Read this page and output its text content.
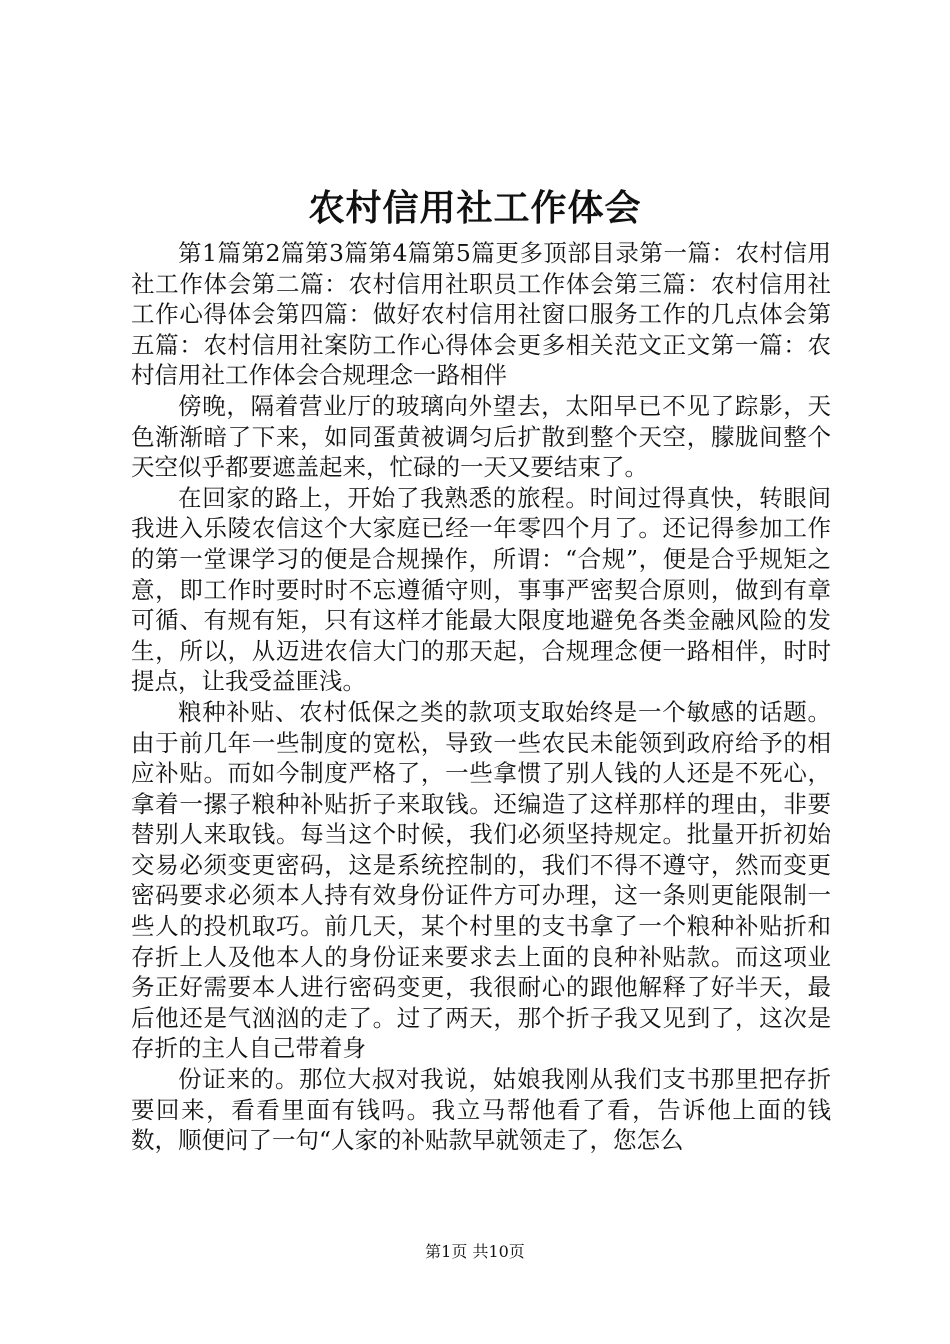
农村信用社工作体会

第1篇第2篇第3篇第4篇第5篇更多顶部目录第一篇：农村信用社工作体会第二篇：农村信用社职员工作体会第三篇：农村信用社工作心得体会第四篇：做好农村信用社窗口服务工作的几点体会第五篇：农村信用社案防工作心得体会更多相关范文正文第一篇：农村信用社工作体会合规理念一路相伴

傍晚，隔着营业厅的玻璃向外望去，太阳早已不见了踪影，天色渐渐暗了下来，如同蛋黄被调匀后扩散到整个天空，朦胧间整个天空似乎都要遮盖起来，忙碌的一天又要结束了。

在回家的路上，开始了我熟悉的旅程。时间过得真快，转眼间我进入乐陵农信这个大家庭已经一年零四个月了。还记得参加工作的第一堂课学习的便是合规操作，所谓：“合规”，便是合乎规矩之意，即工作时要时时不忘遵循守则，事事严密契合原则，做到有章可循、有规有矩，只有这样才能最大限度地避免各类金融风险的发生，所以，从迈进农信大门的那天起，合规理念便一路相伴，时时提点，让我受益匪浅。

粮种补贴、农村低保之类的款项支取始终是一个敏感的话题。由于前几年一些制度的宽松，导致一些农民未能领到政府给予的相应补贴。而如今制度严格了，一些拿惯了别人钱的人还是不死心，拿着一摞子粮种补贴折子来取钱。还编造了这样那样的理由，非要替别人来取钱。每当这个时候，我们必须坚持规定。批量开折初始交易必须变更密码，这是系统控制的，我们不得不遵守，然而变更密码要求必须本人持有效身份证件方可办理，这一条则更能限制一些人的投机取巧。前几天，某个村里的支书拿了一个粮种补贴折和存折上人及他本人的身份证来要求去上面的良种补贴款。而这项业务正好需要本人进行密码变更，我很耐心的跟他解释了好半天，最后他还是气汹汹的走了。过了两天，那个折子我又见到了，这次是存折的主人自己带着身

份证来的。那位大叔对我说，姑娘我刚从我们支书那里把存折要回来，看看里面有钱吗。我立马帮他看了看，告诉他上面的钱数，顺便问了一句“人家的补贴款早就领走了，您怎么

第1页 共10页
